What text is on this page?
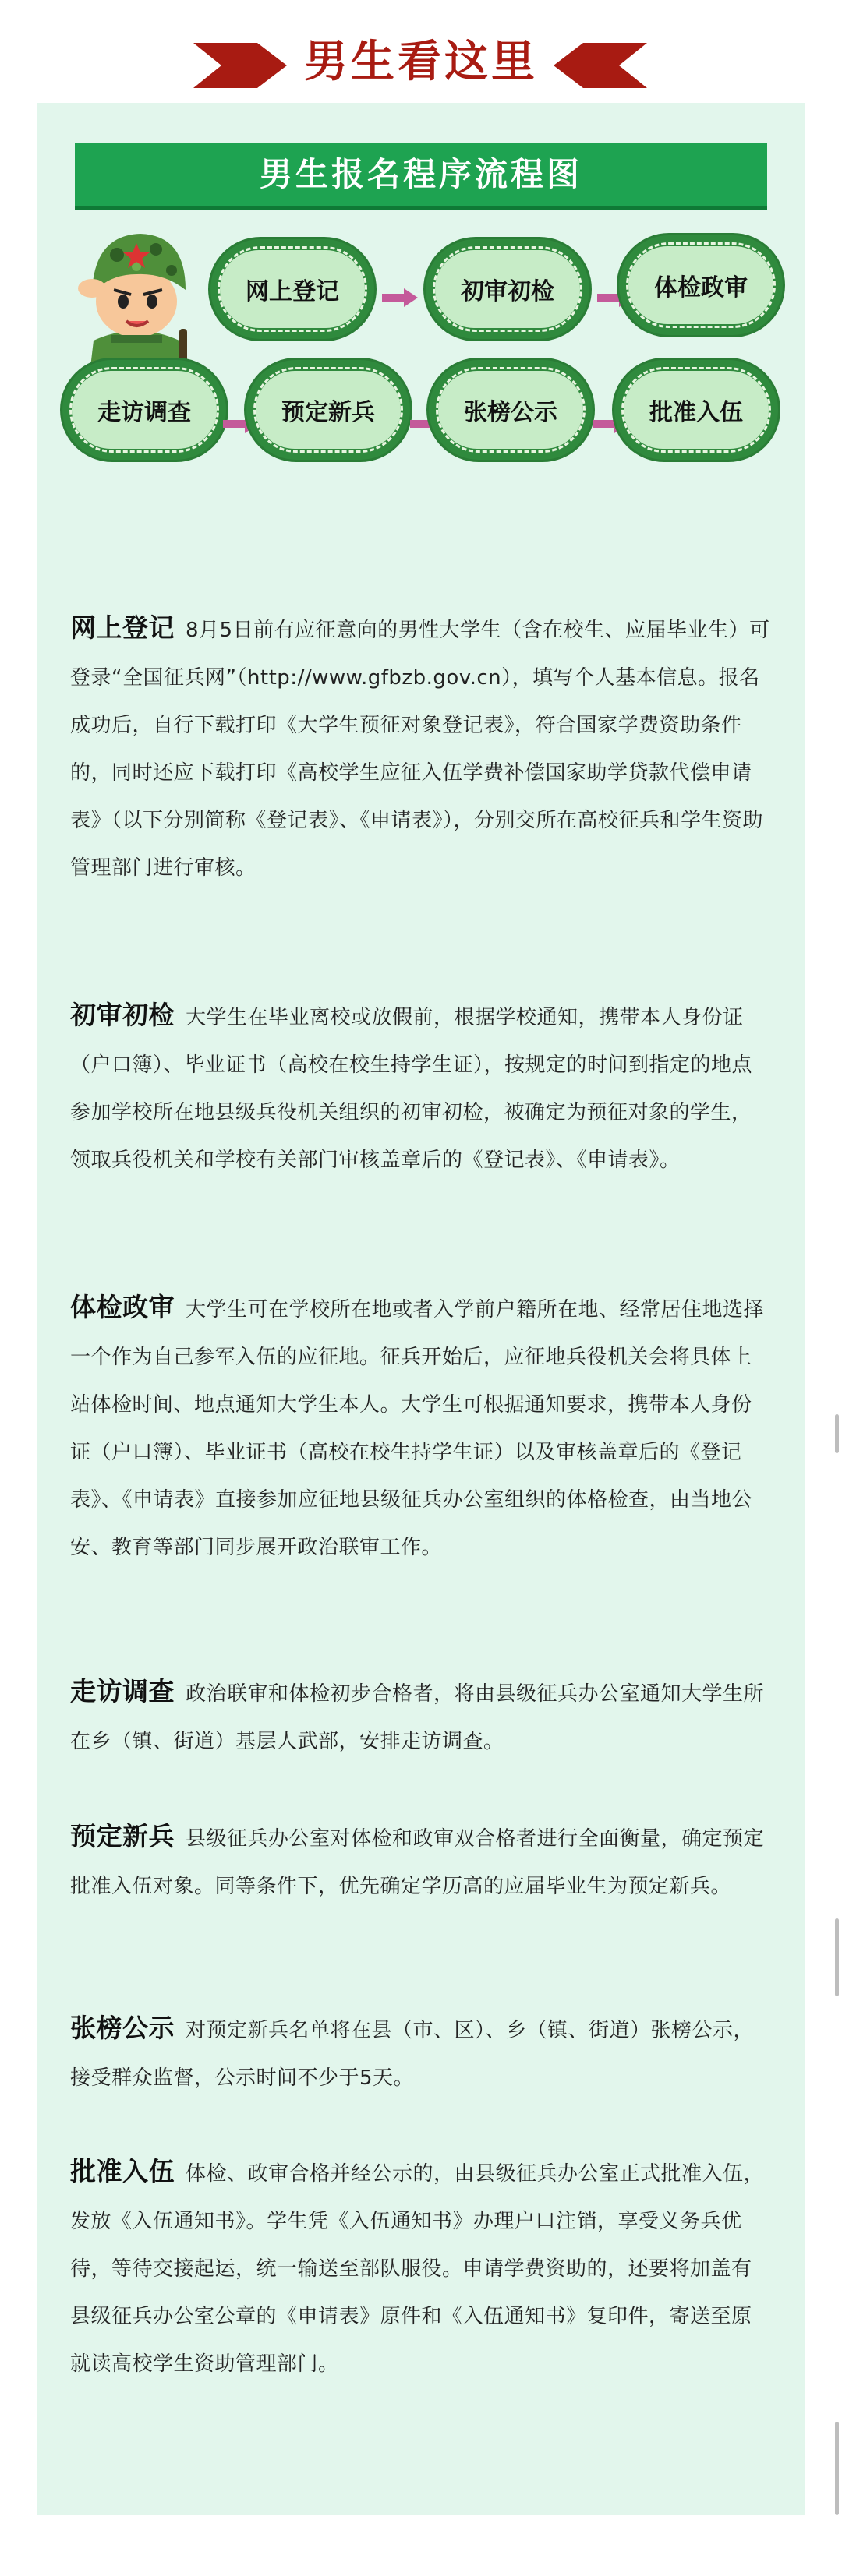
男生看这里
男生报名程序流程图
网上登记	初审初检	体检政审
走访调查	预定新兵	张榜公示	批准入伍
网上登记 8月5日前有应征意向的男性大学生（含在校生、应届毕业生）可登录“全国征兵网”（http://www.gfbzb.gov.cn），填写个人基本信息。报名成功后，自行下载打印《大学生预征对象登记表》，符合国家学费资助条件的，同时还应下载打印《高校学生应征入伍学费补偿国家助学贷款代偿申请表》（以下分别简称《登记表》、《申请表》），分别交所在高校征兵和学生资助管理部门进行审核。
初审初检 大学生在毕业离校或放假前，根据学校通知，携带本人身份证（户口簿）、毕业证书（高校在校生持学生证），按规定的时间到指定的地点参加学校所在地县级兵役机关组织的初审初检，被确定为预征对象的学生，领取兵役机关和学校有关部门审核盖章后的《登记表》、《申请表》。
体检政审 大学生可在学校所在地或者入学前户籍所在地、经常居住地选择一个作为自己参军入伍的应征地。征兵开始后，应征地兵役机关会将具体上站体检时间、地点通知大学生本人。大学生可根据通知要求，携带本人身份证（户口簿）、毕业证书（高校在校生持学生证）以及审核盖章后的《登记表》、《申请表》直接参加应征地县级征兵办公室组织的体格检查，由当地公安、教育等部门同步展开政治联审工作。
走访调查 政治联审和体检初步合格者，将由县级征兵办公室通知大学生所在乡（镇、街道）基层人武部，安排走访调查。
预定新兵 县级征兵办公室对体检和政审双合格者进行全面衡量，确定预定批准入伍对象。同等条件下，优先确定学历高的应届毕业生为预定新兵。
张榜公示 对预定新兵名单将在县（市、区）、乡（镇、街道）张榜公示，接受群众监督，公示时间不少于5天。
批准入伍 体检、政审合格并经公示的，由县级征兵办公室正式批准入伍，发放《入伍通知书》。学生凭《入伍通知书》办理户口注销，享受义务兵优待，等待交接起运，统一输送至部队服役。申请学费资助的，还要将加盖有县级征兵办公室公章的《申请表》原件和《入伍通知书》复印件，寄送至原就读高校学生资助管理部门。
